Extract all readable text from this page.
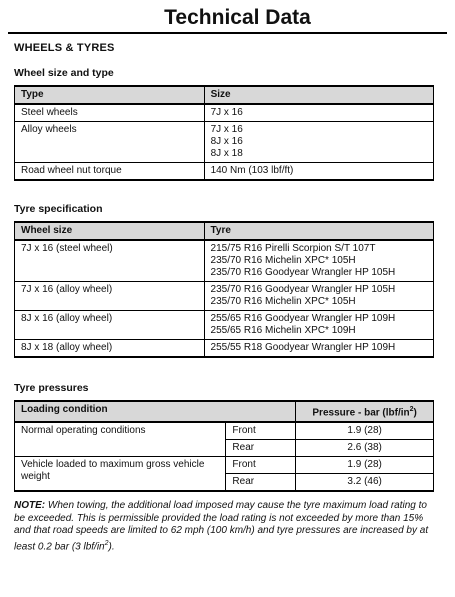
Technical Data
WHEELS & TYRES
Wheel size and type
Type	Size
Steel wheels	7J x 16

Alloy wheels	7J x 16
8J x 16
8J x 18

Road wheel nut torque	140 Nm (103 lbf/ft)
Tyre specification
Wheel size	Tyre
7J x 16 (steel wheel)	215/75 R16 Pirelli Scorpion S/T 107T
235/70 R16 Michelin XPC* 105H
235/70 R16 Goodyear Wrangler HP 105H

7J x 16 (alloy wheel)	235/70 R16 Goodyear Wrangler HP 105H
235/70 R16 Michelin XPC* 105H

8J x 16 (alloy wheel)	255/65 R16 Goodyear Wrangler HP 109H
255/65 R16 Michelin XPC* 109H

8J x 18 (alloy wheel)	255/55 R18 Goodyear Wrangler HP 109H
Tyre pressures
Loading condition		Pressure - bar $(lbf/in^2)$
Normal operating conditions	Front	1.9 (28)
	Rear	2.6 (38)
Vehicle loaded to maximum gross vehicle weight	Front	1.9 (28)
	Rear	3.2 (46)
NOTE: When towing, the additional load imposed may cause the tyre maximum load rating to be exceeded. This is permissible provided the load rating is not exceeded by more than 15% and that road speeds are limited to 62 mph (100 km/h) and tyre pressures are increased by at least 0.2 bar (3 lbf/$in^2$).
